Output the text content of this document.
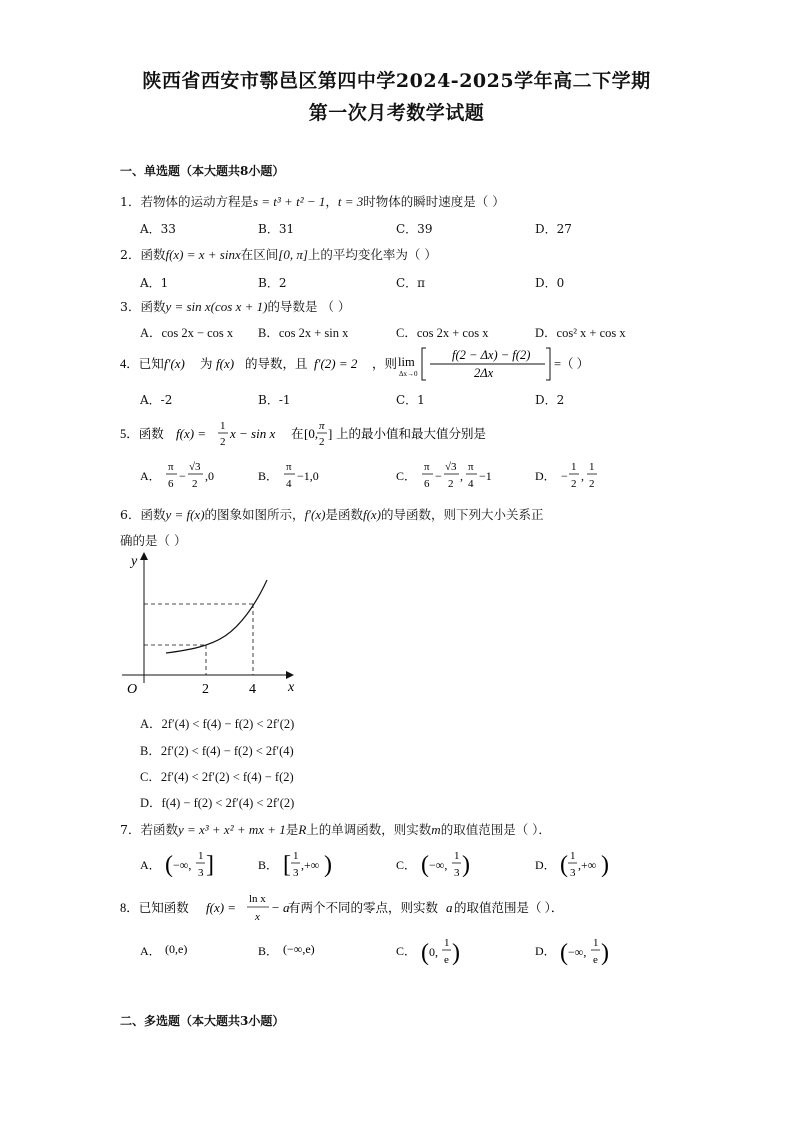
陕西省西安市鄠邑区第四中学2024-2025学年高二下学期
第一次月考数学试题
一、单选题（本大题共8小题）
1．若物体的运动方程是s = t³ + t² − 1，t = 3时物体的瞬时速度是（ ）
A．33	B．31	C．39	D．27
2．函数f(x) = x + sinx在区间[0, π]上的平均变化率为（ ）
A．1	B．2	C．π	D．0
3．函数y = sin x(cos x + 1)的导数是 （ ）
A．cos 2x − cos x B．cos 2x + sin x	C．cos 2x + cos x	D．cos² x + cos x
4．已知 f′(x) 为 f(x) 的导数，且 f′(2) = 2 ，则 lim
Δx→0
f(2 − Δx) − f(2)
2Δx
=（ ）
A．-2	B．-1	C．1	D．2
5．函数 f(x) = 1
2
x − sin x 在 [0, π
2
] 上的最小值和最大值分别是
A．
π
6
−
√3
2
,0	B．
π
4
−1,0	C．
π
6
−
√3
2
,
π
4
−1	D． −
1
2
,
1
2
6．函数y = f(x)的图象如图所示，f′(x)是函数f(x)的导函数，则下列大小关系正
确的是（ ）
y
x
O	2	4
A．2f′(4) < f(4) − f(2) < 2f′(2)
B．2f′(2) < f(4) − f(2) < 2f′(4)
C．2f′(4) < 2f′(2) < f(4) − f(2)
D．f(4) − f(2) < 2f′(4) < 2f′(2)
7．若函数y = x³ + x² + mx + 1是R上的单调函数，则实数m的取值范围是（ ）．
A． ( −∞,
1
3 ]	B． [ 1
3
,+∞ )	C． ( −∞,
1
3 )	D． ( 1
3
,+∞ )
8．已知函数 f(x) =
ln x
x
− a
有两个不同的零点，则实数 a 的取值范围是（ ）．
A． (0,e)	B． (−∞,e)	C． ( 0,
1
e )	D． ( −∞,
1
e )
二、多选题（本大题共3小题）
